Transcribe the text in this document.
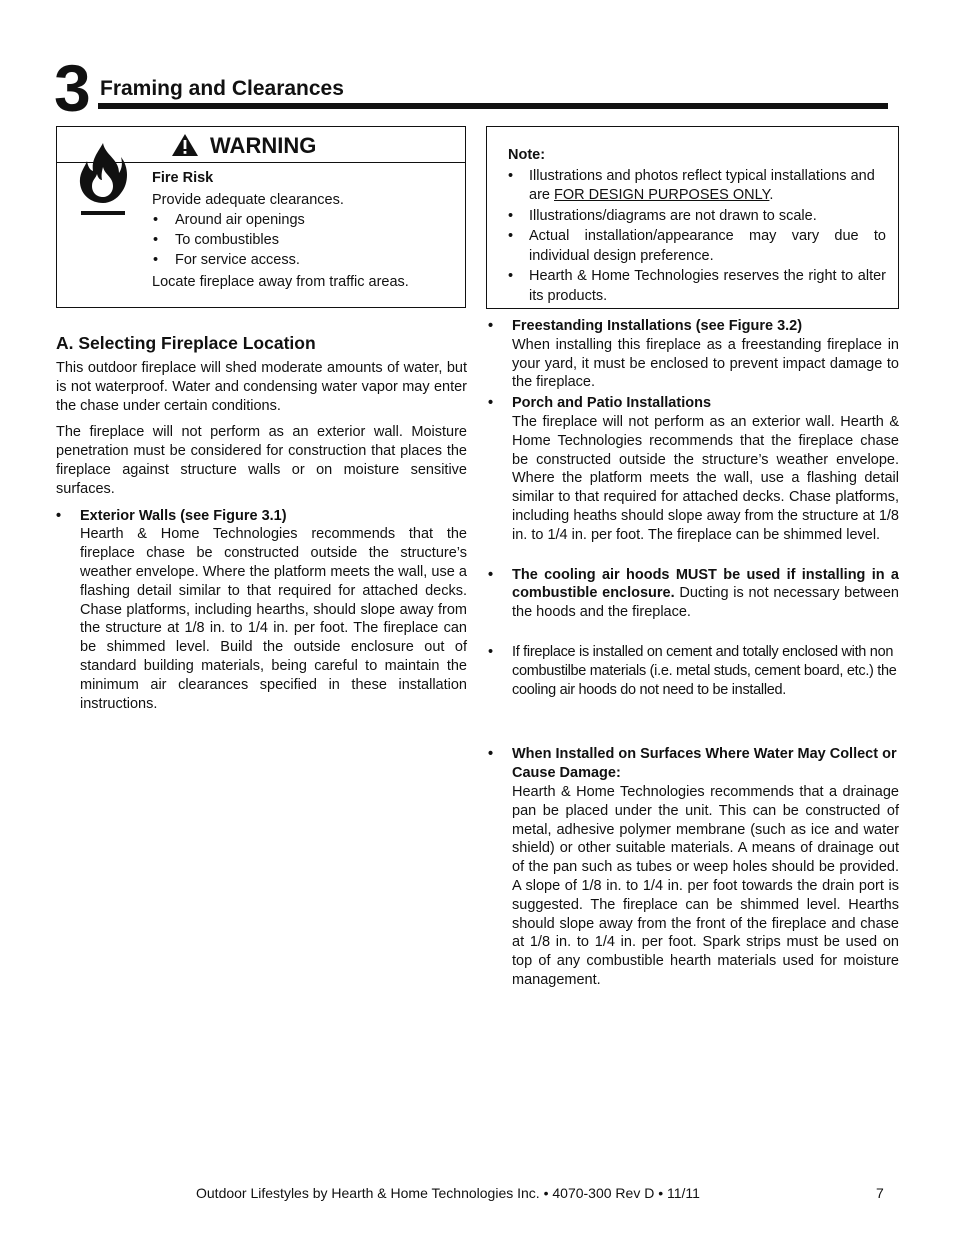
3 Framing and Clearances
WARNING
Fire Risk
Provide adequate clearances.
• Around air openings
• To combustibles
• For service access.
Locate fireplace away from traffic areas.
Note:
• Illustrations and photos reflect typical installations and are FOR DESIGN PURPOSES ONLY.
• Illustrations/diagrams are not drawn to scale.
• Actual installation/appearance may vary due to individual design preference.
• Hearth & Home Technologies reserves the right to alter its products.
A. Selecting Fireplace Location
This outdoor fireplace will shed moderate amounts of water, but is not waterproof. Water and condensing water vapor may enter the chase under certain conditions.
The fireplace will not perform as an exterior wall. Moisture penetration must be considered for construction that places the fireplace against structure walls or on moisture sensitive surfaces.
• Exterior Walls (see Figure 3.1)
Hearth & Home Technologies recommends that the fireplace chase be constructed outside the structure’s weather envelope. Where the platform meets the wall, use a flashing detail similar to that required for attached decks. Chase platforms, including hearths, should slope away from the structure at 1/8 in. to 1/4 in. per foot. The fireplace can be shimmed level. Build the outside enclosure out of standard building materials, being careful to maintain the minimum air clearances specified in these installation instructions.
• Freestanding Installations (see Figure 3.2)
When installing this fireplace as a freestanding fireplace in your yard, it must be enclosed to prevent impact damage to the fireplace.
• Porch and Patio Installations
The fireplace will not perform as an exterior wall. Hearth & Home Technologies recommends that the fireplace chase be constructed outside the structure’s weather envelope. Where the platform meets the wall, use a flashing detail similar to that required for attached decks. Chase platforms, including heaths should slope away from the structure at 1/8 in. to 1/4 in. per foot. The fireplace can be shimmed level.
• The cooling air hoods MUST be used if installing in a combustible enclosure. Ducting is not necessary between the hoods and the fireplace.
• If fireplace is installed on cement and totally enclosed with non combustilbe materials (i.e. metal studs, cement board, etc.) the cooling air hoods do not need to be installed.
• When Installed on Surfaces Where Water May Collect or Cause Damage:
Hearth & Home Technologies recommends that a drainage pan be placed under the unit. This can be constructed of metal, adhesive polymer membrane (such as ice and water shield) or other suitable materials. A means of drainage out of the pan such as tubes or weep holes should be provided. A slope of 1/8 in. to 1/4 in. per foot towards the drain port is suggested. The fireplace can be shimmed level. Hearths should slope away from the front of the fireplace and chase at 1/8 in. to 1/4 in. per foot. Spark strips must be used on top of any combustible hearth materials used for moisture management.
Outdoor Lifestyles by Hearth & Home Technologies Inc. • 4070-300 Rev D • 11/11	7
